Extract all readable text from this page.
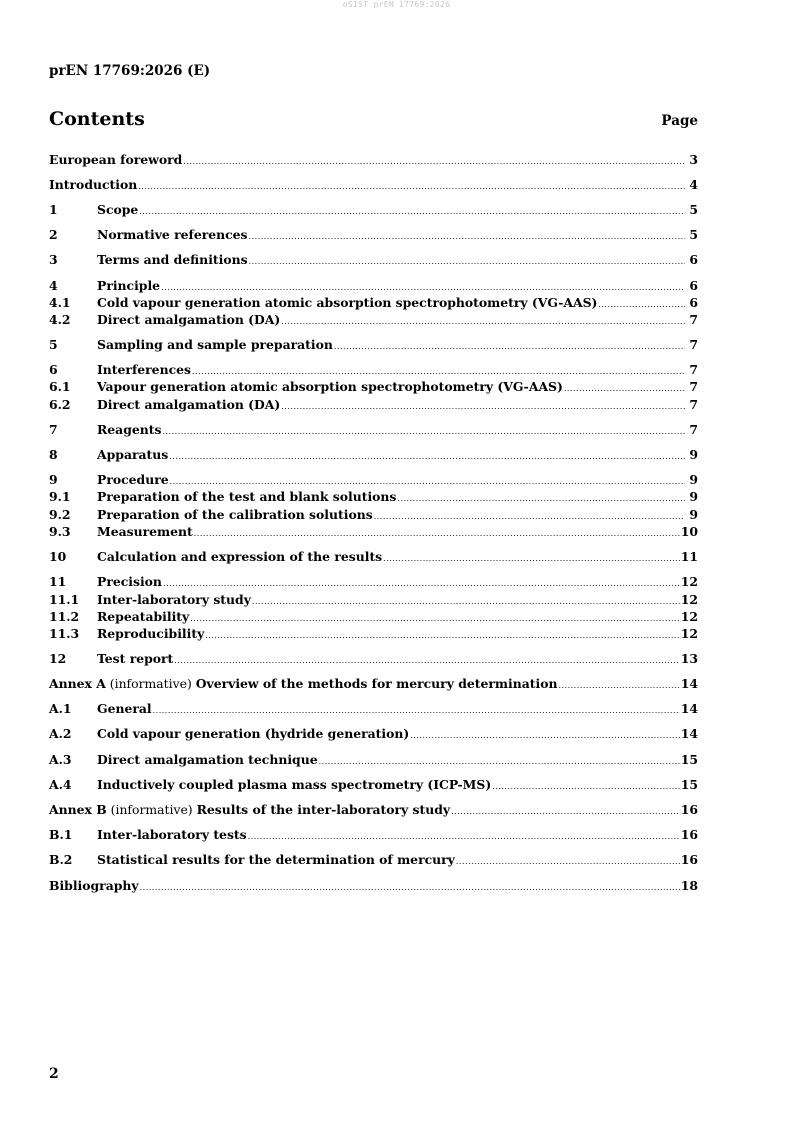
oSIST prEN 17769:2026
prEN 17769:2026 (E)
Contents	Page
European foreword .....	3
Introduction .....	4
1	Scope .....	5
2	Normative references .....	5
3	Terms and definitions .....	6
4	Principle .....	6
4.1	Cold vapour generation atomic absorption spectrophotometry (VG-AAS) .....	6
4.2	Direct amalgamation (DA) .....	7
5	Sampling and sample preparation .....	7
6	Interferences .....	7
6.1	Vapour generation atomic absorption spectrophotometry (VG-AAS) .....	7
6.2	Direct amalgamation (DA) .....	7
7	Reagents .....	7
8	Apparatus .....	9
9	Procedure .....	9
9.1	Preparation of the test and blank solutions .....	9
9.2	Preparation of the calibration solutions .....	9
9.3	Measurement .....	10
10	Calculation and expression of the results .....	11
11	Precision .....	12
11.1	Inter-laboratory study .....	12
11.2	Repeatability .....	12
11.3	Reproducibility .....	12
12	Test report .....	13
Annex A (informative) Overview of the methods for mercury determination .....	14
A.1	General .....	14
A.2	Cold vapour generation (hydride generation) .....	14
A.3	Direct amalgamation technique .....	15
A.4	Inductively coupled plasma mass spectrometry (ICP-MS) .....	15
Annex B (informative) Results of the inter-laboratory study .....	16
B.1	Inter-laboratory tests .....	16
B.2	Statistical results for the determination of mercury .....	16
Bibliography .....	18
2
